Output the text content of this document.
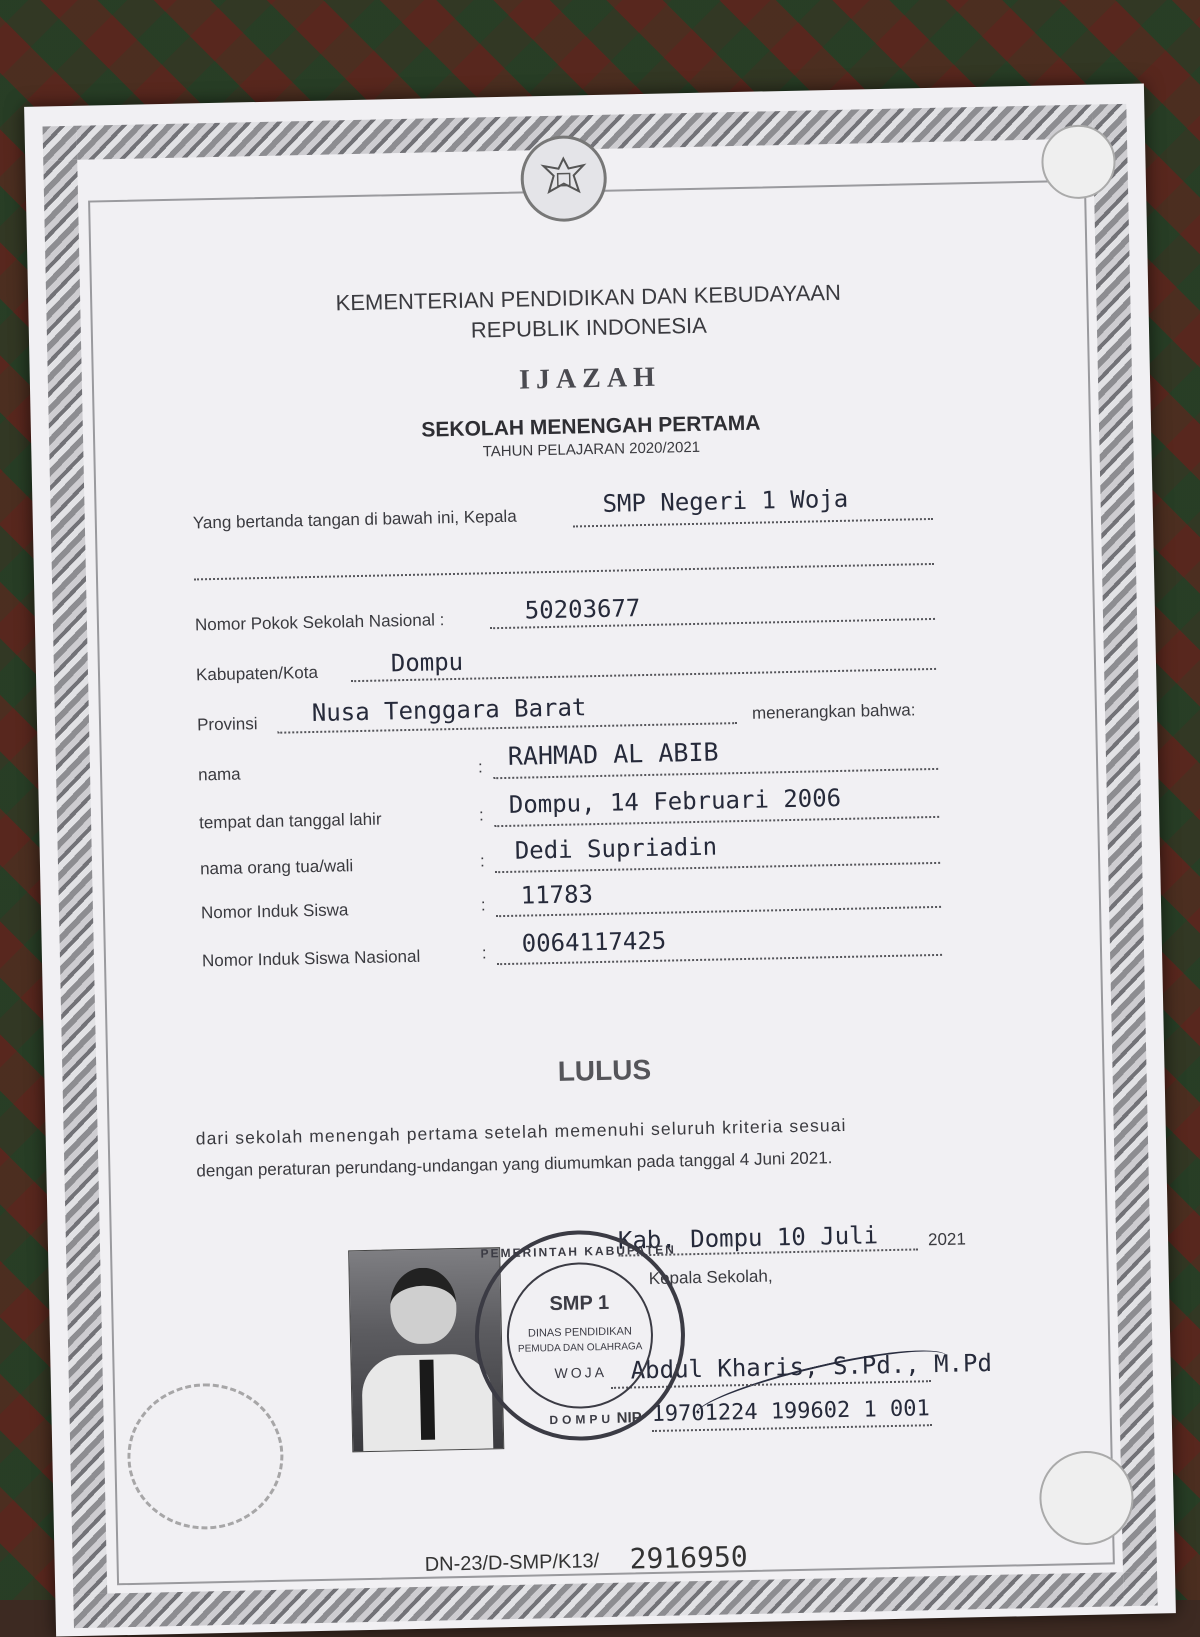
KEMENTERIAN PENDIDIKAN DAN KEBUDAYAAN
REPUBLIK INDONESIA
IJAZAH
SEKOLAH MENENGAH PERTAMA
TAHUN PELAJARAN 2020/2021
Yang bertanda tangan di bawah ini, Kepala
SMP Negeri 1 Woja
Nomor Pokok Sekolah Nasional :	50203677
Kabupaten/Kota	Dompu
Provinsi Nusa Tenggara Barat	menerangkan bahwa:
nama	: RAHMAD AL ABIB
tempat dan tanggal lahir	: Dompu, 14 Februari 2006
nama orang tua/wali	: Dedi Supriadin
Nomor Induk Siswa	: 11783
Nomor Induk Siswa Nasional	: 0064117425
LULUS
dari sekolah menengah pertama setelah memenuhi seluruh kriteria sesuai
dengan peraturan perundang-undangan yang diumumkan pada tanggal 4 Juni 2021.
Kab. Dompu 10 Juli	2021
Kepala Sekolah,
Abdul Kharis, S.Pd., M.Pd
NIP 19701224 199602 1 001
PEMERINTAH KABUPATEN
SMP 1
DINAS PENDIDIKAN
PEMUDA DAN OLAHRAGA
WOJA
DOMPU
DN-23/D-SMP/K13/ 2916950
